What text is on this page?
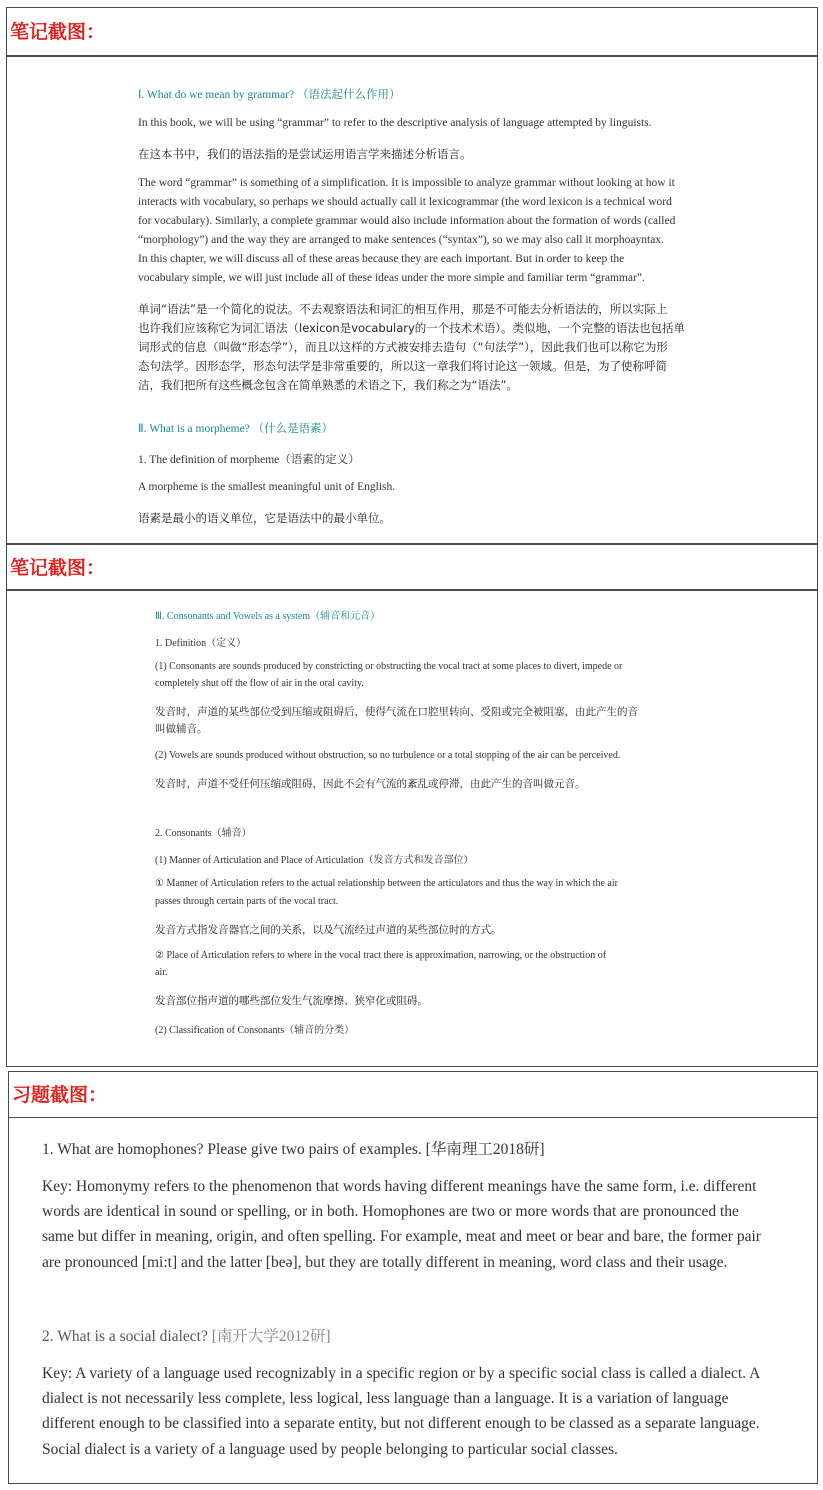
笔记截图：

Ⅰ. What do we mean by grammar? （语法起什么作用）

In this book, we will be using “grammar” to refer to the descriptive analysis of language attempted by linguists.

在这本书中，我们的语法指的是尝试运用语言学来描述分析语言。

The word “grammar” is something of a simplification. It is impossible to analyze grammar without looking at how it

interacts with vocabulary, so perhaps we should actually call it lexicogrammar (the word lexicon is a technical word

for vocabulary). Similarly, a complete grammar would also include information about the formation of words (called

“morphology”) and the way they are arranged to make sentences (“syntax”), so we may also call it morphoayntax.

In this chapter, we will discuss all of these areas because they are each important. But in order to keep the

vocabulary simple, we will just include all of these ideas under the more simple and familiar term “grammar”.

单词“语法”是一个简化的说法。不去观察语法和词汇的相互作用，那是不可能去分析语法的，所以实际上

也许我们应该称它为词汇语法（lexicon是vocabulary的一个技术术语）。类似地，一个完整的语法也包括单

词形式的信息（叫做“形态学”），而且以这样的方式被安排去造句（“句法学”），因此我们也可以称它为形

态句法学。因形态学，形态句法学是非常重要的，所以这一章我们将讨论这一领域。但是，为了使称呼简

洁，我们把所有这些概念包含在简单熟悉的术语之下，我们称之为“语法”。

Ⅱ. What is a morpheme? （什么是语素）

1. The definition of morpheme（语素的定义）

A morpheme is the smallest meaningful unit of English.

语素是最小的语义单位，它是语法中的最小单位。

笔记截图：

Ⅲ. Consonants and Vowels as a system（辅音和元音）

1. Definition（定义）

(1) Consonants are sounds produced by constricting or obstructing the vocal tract at some places to divert, impede or

completely shut off the flow of air in the oral cavity.

发音时，声道的某些部位受到压缩或阻碍后，使得气流在口腔里转向、受阻或完全被阻塞，由此产生的音

叫做辅音。

(2) Vowels are sounds produced without obstruction, so no turbulence or a total stopping of the air can be perceived.

发音时，声道不受任何压缩或阻碍，因此不会有气流的紊乱或停滞，由此产生的音叫做元音。

2. Consonants（辅音）

(1) Manner of Articulation and Place of Articulation（发音方式和发音部位）

① Manner of Articulation refers to the actual relationship between the articulators and thus the way in which the air

passes through certain parts of the vocal tract.

发音方式指发音器官之间的关系，以及气流经过声道的某些部位时的方式。

② Place of Articulation refers to where in the vocal tract there is approximation, narrowing, or the obstruction of

air.

发音部位指声道的哪些部位发生气流摩擦、狭窄化或阻碍。

(2) Classification of Consonants（辅音的分类）

习题截图：

1. What are homophones? Please give two pairs of examples. [华南理工2018研]

Key: Homonymy refers to the phenomenon that words having different meanings have the same form, i.e. different

words are identical in sound or spelling, or in both. Homophones are two or more words that are pronounced the

same but differ in meaning, origin, and often spelling. For example, meat and meet or bear and bare, the former pair

are pronounced [mi:t] and the latter [beə], but they are totally different in meaning, word class and their usage.

2. What is a social dialect? [南开大学2012研]

Key: A variety of a language used recognizably in a specific region or by a specific social class is called a dialect. A

dialect is not necessarily less complete, less logical, less language than a language. It is a variation of language

different enough to be classified into a separate entity, but not different enough to be classed as a separate language.

Social dialect is a variety of a language used by people belonging to particular social classes.
